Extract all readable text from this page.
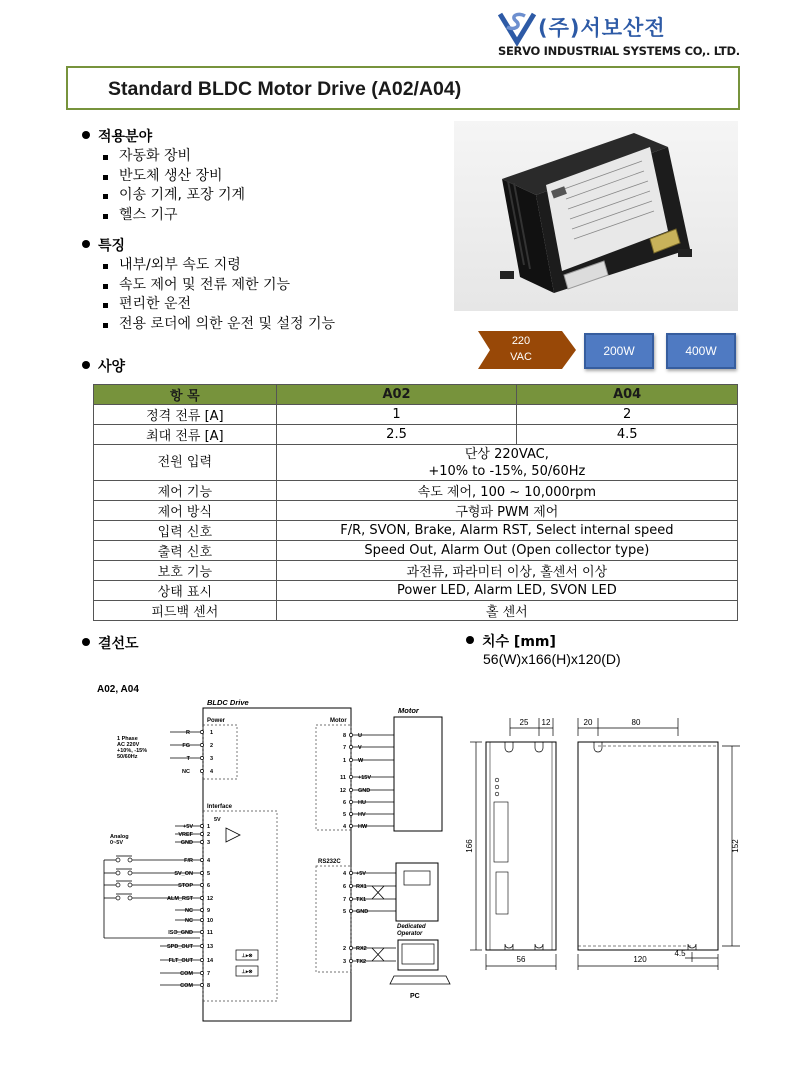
(주)서보산전
SERVO INDUSTRIAL SYSTEMS CO,. LTD.
Standard BLDC Motor Drive (A02/A04)
적용분야
자동화 장비
반도체 생산 장비
이송 기계, 포장 기계
헬스 기구
특징
내부/외부 속도 지령
속도 제어 및 전류 제한 기능
편리한 운전
전용 로더에 의한 운전 및 설정 기능
220
VAC	200W	400W
사양
항 목	A02	A04
정격 전류 [A]	1	2
최대 전류 [A]	2.5	4.5
전원 입력	단상 220VAC,
+10% to -15%, 50/60Hz	

제어 기능	속도 제어, 100 ~ 10,000rpm	
제어 방식	구형파 PWM 제어	
입력 신호	F/R, SVON, Brake, Alarm RST, Select internal speed	
출력 신호	Speed Out, Alarm Out (Open collector type)	
보호 기능	과전류, 파라미터 이상, 홀센서 이상	
상태 표시	Power LED, Alarm LED, SVON LED	
피드백 센서	홀 센서	
결선도	치수 [mm]
56(W)x166(H)x120(D)
A02, A04
BLDC Drive
Power
1 Phase
AC 220V
+10%, -15%
50/60Hz
R	1
FG	2
T	3
NC	4
Interface
5V
Analog
0~5V
+5V	1
VREF	2
GND	3
F/R	4
SV_ON	5
STOP	6
ALM_RST	12
NC	9
NC	10
ISO_GND	11
SPD_OUT	13
FLT_OUT	14
COM	7
COM	8
⊥▸⊗
⊥▸⊗
Motor
Motor
8 U
7 V
1 W
11 +15V
12 GND
6 HU
5 HV
4 HW
RS232C
4 +5V
6 RX1
7 TX1
5 GND
2 RX2
3 TX2
Dedicated
Operator
PC
25 12
166
56
20	80
152
120
4.5
